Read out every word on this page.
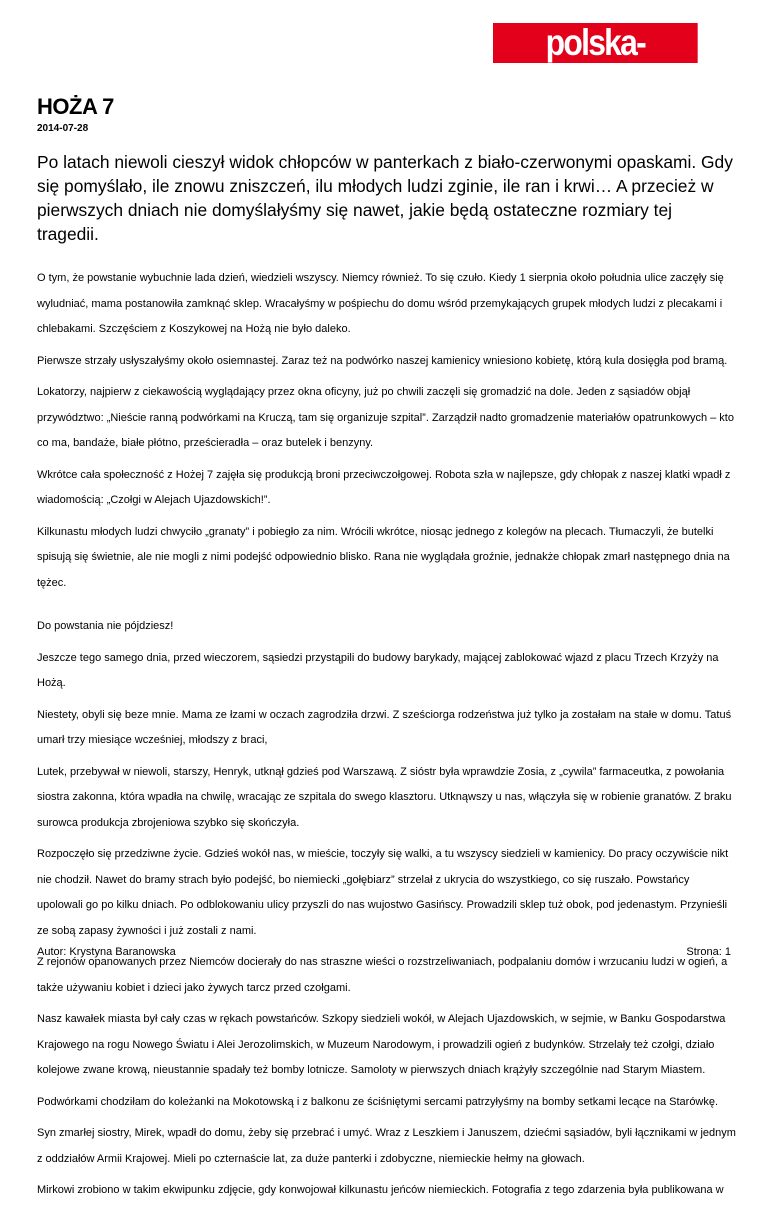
polska-zbrojna.pl
HOŻA 7
2014-07-28

Po latach niewoli cieszył widok chłopców w panterkach z biało-czerwonymi opaskami. Gdy się pomyślało, ile znowu zniszczeń, ilu młodych ludzi zginie, ile ran i krwi… A przecież w pierwszych dniach nie domyślałyśmy się nawet, jakie będą ostateczne rozmiary tej tragedii.

O tym, że powstanie wybuchnie lada dzień, wiedzieli wszyscy. Niemcy również. To się czuło. Kiedy 1 sierpnia około południa ulice zaczęły się wyludniać, mama postanowiła zamknąć sklep. Wracałyśmy w pośpiechu do domu wśród przemykających grupek młodych ludzi z plecakami i chlebakami. Szczęściem z Koszykowej na Hożą nie było daleko.

Pierwsze strzały usłyszałyśmy około osiemnastej. Zaraz też na podwórko naszej kamienicy wniesiono kobietę, którą kula dosięgła pod bramą.

Lokatorzy, najpierw z ciekawością wyglądający przez okna oficyny, już po chwili zaczęli się gromadzić na dole. Jeden z sąsiadów objął przywództwo: „Nieście ranną podwórkami na Kruczą, tam się organizuje szpital”. Zarządził nadto gromadzenie materiałów opatrunkowych – kto co ma, bandaże, białe płótno, prześcieradła – oraz butelek i benzyny.

Wkrótce cała społeczność z Hożej 7 zajęła się produkcją broni przeciwczołgowej. Robota szła w najlepsze, gdy chłopak z naszej klatki wpadł z wiadomością: „Czołgi w Alejach Ujazdowskich!”.

Kilkunastu młodych ludzi chwyciło „granaty” i pobiegło za nim. Wrócili wkrótce, niosąc jednego z kolegów na plecach. Tłumaczyli, że butelki spisują się świetnie, ale nie mogli z nimi podejść odpowiednio blisko. Rana nie wyglądała groźnie, jednakże chłopak zmarł następnego dnia na tężec.

Do powstania nie pójdziesz!

Jeszcze tego samego dnia, przed wieczorem, sąsiedzi przystąpili do budowy barykady, mającej zablokować wjazd z placu Trzech Krzyży na Hożą.

Niestety, obyli się beze mnie. Mama ze łzami w oczach zagrodziła drzwi. Z sześciorga rodzeństwa już tylko ja zostałam na stałe w domu. Tatuś umarł trzy miesiące wcześniej, młodszy z braci,

Lutek, przebywał w niewoli, starszy, Henryk, utknął gdzieś pod Warszawą. Z sióstr była wprawdzie Zosia, z „cywila” farmaceutka, z powołania siostra zakonna, która wpadła na chwilę, wracając ze szpitala do swego klasztoru. Utknąwszy u nas, włączyła się w robienie granatów. Z braku surowca produkcja zbrojeniowa szybko się skończyła.

Rozpoczęło się przedziwne życie. Gdzieś wokół nas, w mieście, toczyły się walki, a tu wszyscy siedzieli w kamienicy. Do pracy oczywiście nikt nie chodził. Nawet do bramy strach było podejść, bo niemiecki „gołębiarz” strzelał z ukrycia do wszystkiego, co się ruszało. Powstańcy upolowali go po kilku dniach. Po odblokowaniu ulicy przyszli do nas wujostwo Gasińscy. Prowadzili sklep tuż obok, pod jedenastym. Przynieśli ze sobą zapasy żywności i już zostali z nami.

Z rejonów opanowanych przez Niemców docierały do nas straszne wieści o rozstrzeliwaniach, podpalaniu domów i wrzucaniu ludzi w ogień, a także używaniu kobiet i dzieci jako żywych tarcz przed czołgami.

Nasz kawałek miasta był cały czas w rękach powstańców. Szkopy siedzieli wokół, w Alejach Ujazdowskich, w sejmie, w Banku Gospodarstwa Krajowego na rogu Nowego Światu i Alei Jerozolimskich, w Muzeum Narodowym, i prowadzili ogień z budynków. Strzelały też czołgi, działo kolejowe zwane krową, nieustannie spadały też bomby lotnicze. Samoloty w pierwszych dniach krążyły szczególnie nad Starym Miastem.

Podwórkami chodziłam do koleżanki na Mokotowską i z balkonu ze ściśniętymi sercami patrzyłyśmy na bomby setkami lecące na Starówkę.

Syn zmarłej siostry, Mirek, wpadł do domu, żeby się przebrać i umyć. Wraz z Leszkiem i Januszem, dziećmi sąsiadów, byli łącznikami w jednym z oddziałów Armii Krajowej. Mieli po czternaście lat, za duże panterki i zdobyczne, niemieckie hełmy na głowach.

Mirkowi zrobiono w takim ekwipunku zdjęcie, gdy konwojował kilkunastu jeńców niemieckich. Fotografia z tego zdarzenia była publikowana w

Autor: Krystyna Baranowska	Strona: 1
